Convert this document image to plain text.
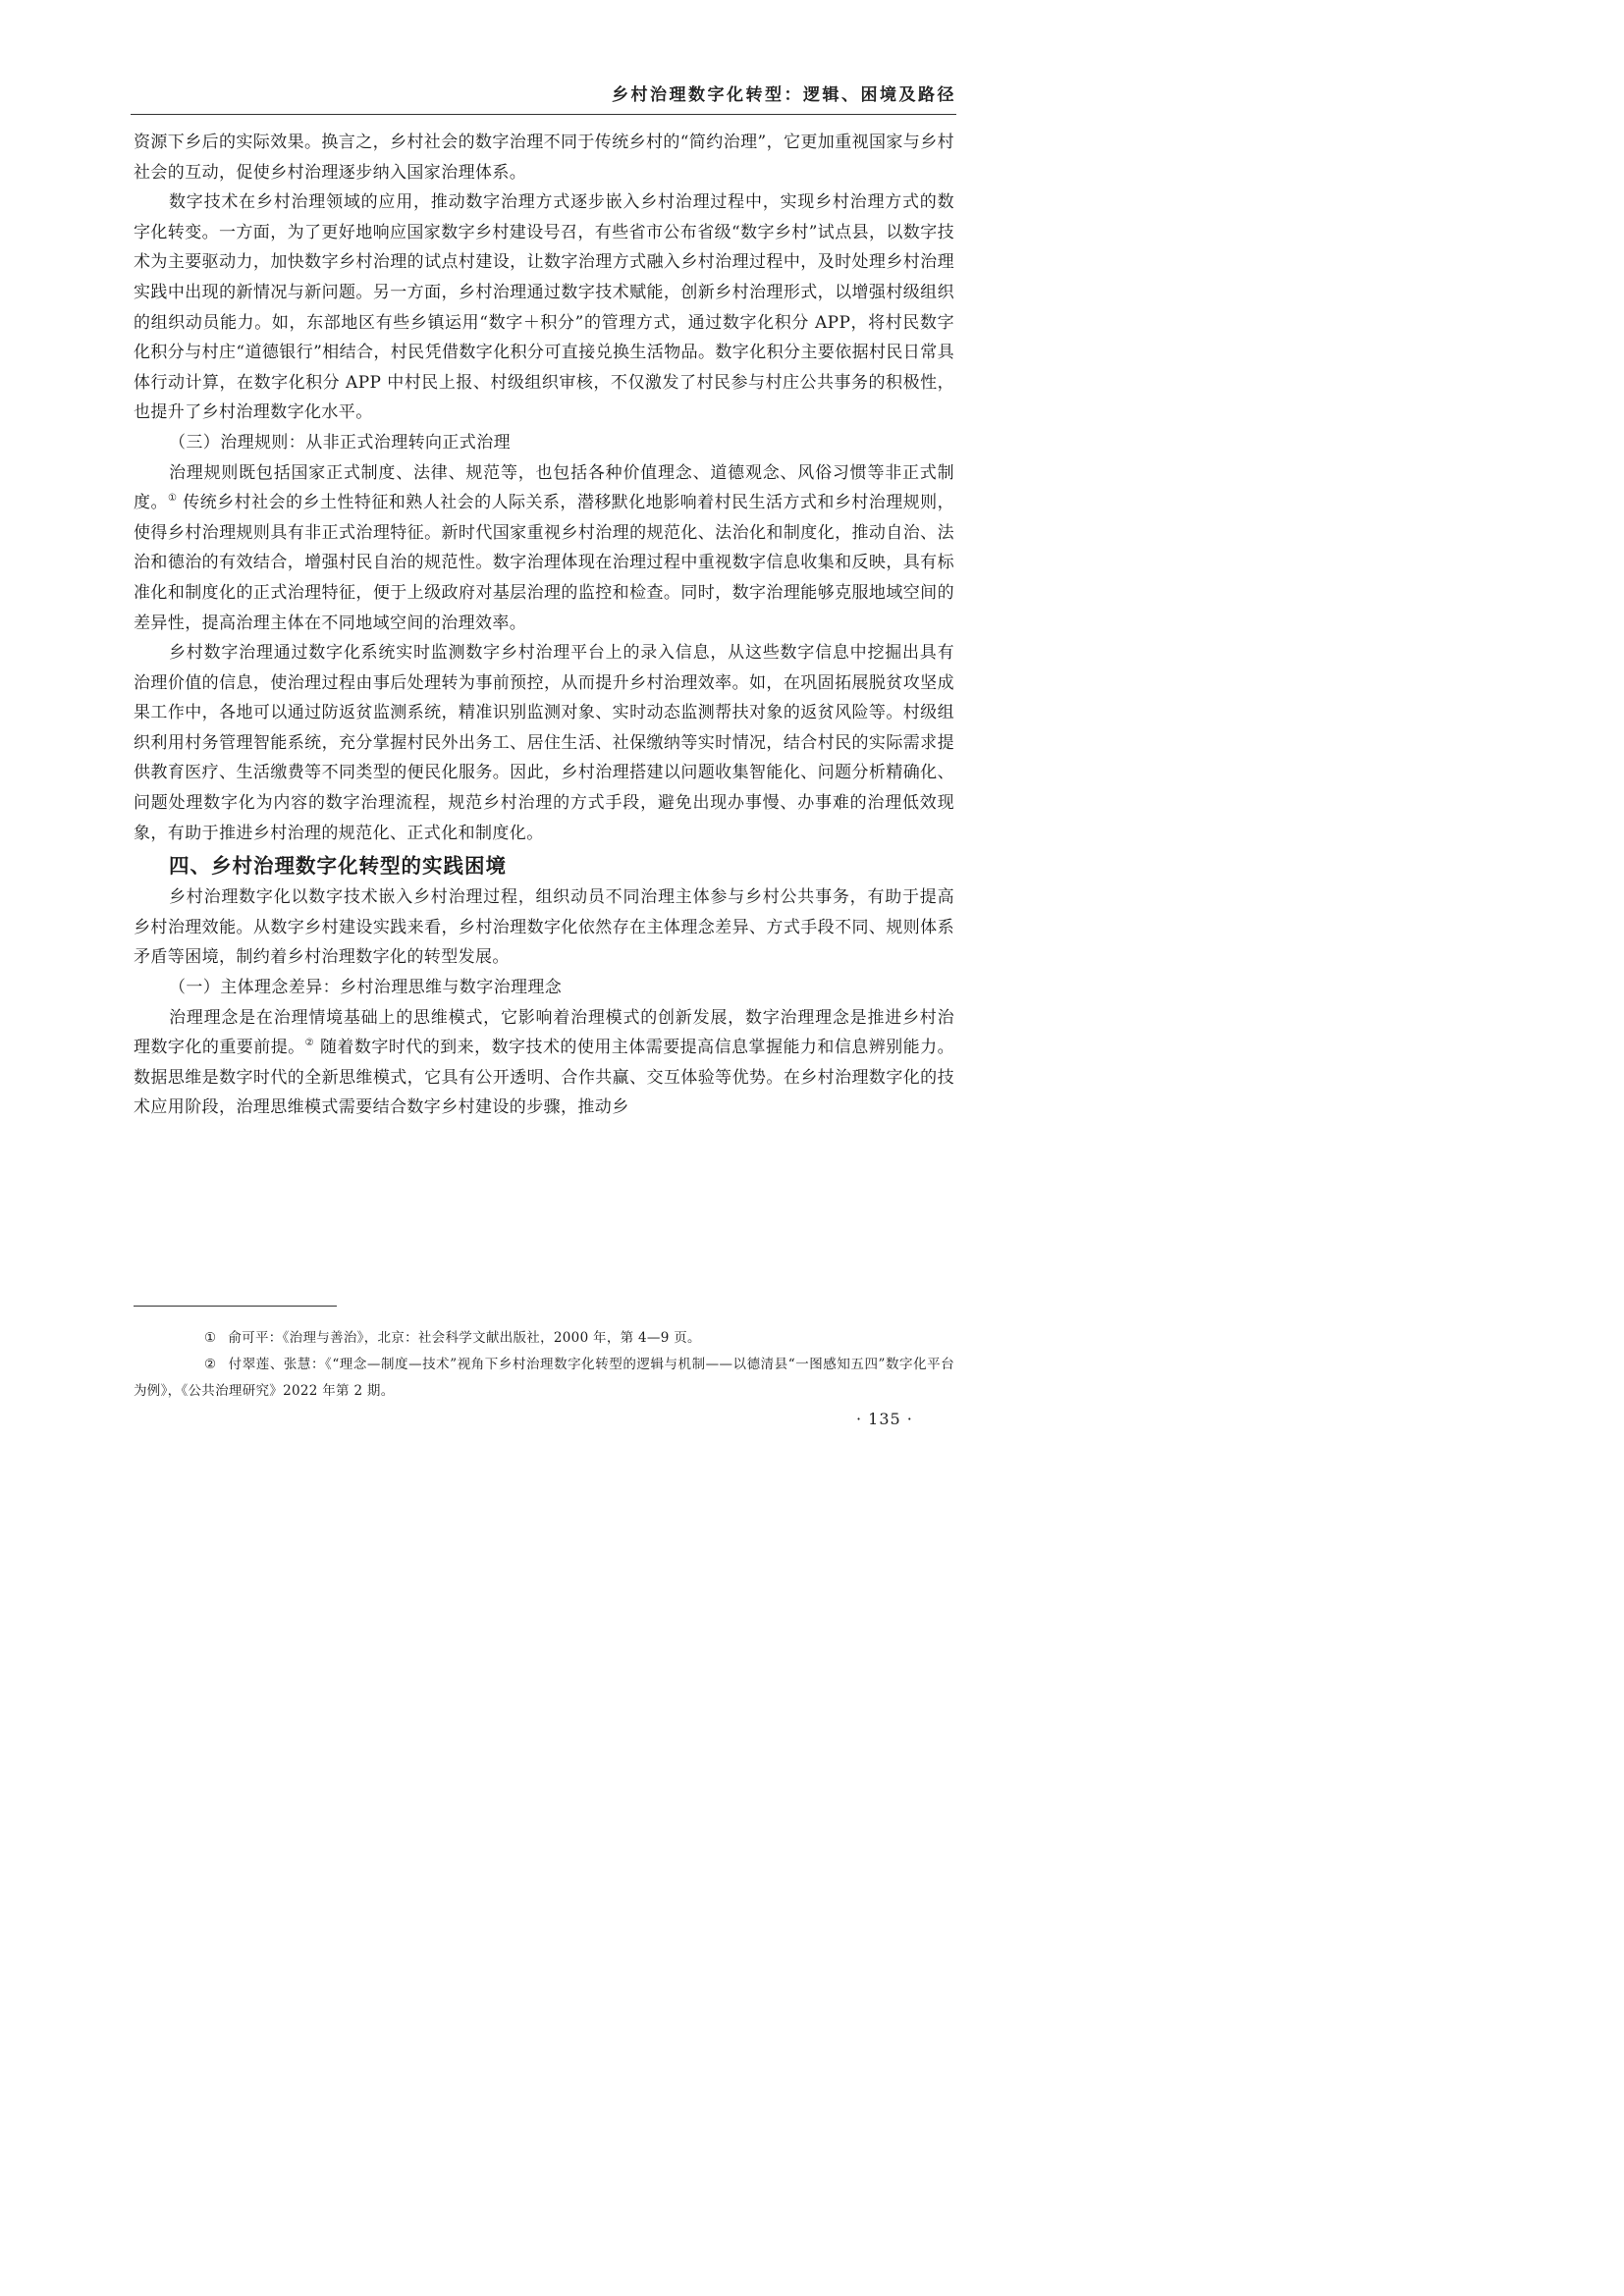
乡村治理数字化转型：逻辑、困境及路径

资源下乡后的实际效果。换言之，乡村社会的数字治理不同于传统乡村的“简约治理”，它更加重视国家与乡村社会的互动，促使乡村治理逐步纳入国家治理体系。

数字技术在乡村治理领域的应用，推动数字治理方式逐步嵌入乡村治理过程中，实现乡村治理方式的数字化转变。一方面，为了更好地响应国家数字乡村建设号召，有些省市公布省级“数字乡村”试点县，以数字技术为主要驱动力，加快数字乡村治理的试点村建设，让数字治理方式融入乡村治理过程中，及时处理乡村治理实践中出现的新情况与新问题。另一方面，乡村治理通过数字技术赋能，创新乡村治理形式，以增强村级组织的组织动员能力。如，东部地区有些乡镇运用“数字＋积分”的管理方式，通过数字化积分 APP，将村民数字化积分与村庄“道德银行”相结合，村民凭借数字化积分可直接兑换生活物品。数字化积分主要依据村民日常具体行动计算，在数字化积分 APP 中村民上报、村级组织审核，不仅激发了村民参与村庄公共事务的积极性，也提升了乡村治理数字化水平。

（三）治理规则：从非正式治理转向正式治理

治理规则既包括国家正式制度、法律、规范等，也包括各种价值理念、道德观念、风俗习惯等非正式制度。① 传统乡村社会的乡土性特征和熟人社会的人际关系，潜移默化地影响着村民生活方式和乡村治理规则，使得乡村治理规则具有非正式治理特征。新时代国家重视乡村治理的规范化、法治化和制度化，推动自治、法治和德治的有效结合，增强村民自治的规范性。数字治理体现在治理过程中重视数字信息收集和反映，具有标准化和制度化的正式治理特征，便于上级政府对基层治理的监控和检查。同时，数字治理能够克服地域空间的差异性，提高治理主体在不同地域空间的治理效率。

乡村数字治理通过数字化系统实时监测数字乡村治理平台上的录入信息，从这些数字信息中挖掘出具有治理价值的信息，使治理过程由事后处理转为事前预控，从而提升乡村治理效率。如，在巩固拓展脱贫攻坚成果工作中，各地可以通过防返贫监测系统，精准识别监测对象、实时动态监测帮扶对象的返贫风险等。村级组织利用村务管理智能系统，充分掌握村民外出务工、居住生活、社保缴纳等实时情况，结合村民的实际需求提供教育医疗、生活缴费等不同类型的便民化服务。因此，乡村治理搭建以问题收集智能化、问题分析精确化、问题处理数字化为内容的数字治理流程，规范乡村治理的方式手段，避免出现办事慢、办事难的治理低效现象，有助于推进乡村治理的规范化、正式化和制度化。

四、乡村治理数字化转型的实践困境

乡村治理数字化以数字技术嵌入乡村治理过程，组织动员不同治理主体参与乡村公共事务，有助于提高乡村治理效能。从数字乡村建设实践来看，乡村治理数字化依然存在主体理念差异、方式手段不同、规则体系矛盾等困境，制约着乡村治理数字化的转型发展。

（一）主体理念差异：乡村治理思维与数字治理理念

治理理念是在治理情境基础上的思维模式，它影响着治理模式的创新发展，数字治理理念是推进乡村治理数字化的重要前提。② 随着数字时代的到来，数字技术的使用主体需要提高信息掌握能力和信息辨别能力。数据思维是数字时代的全新思维模式，它具有公开透明、合作共赢、交互体验等优势。在乡村治理数字化的技术应用阶段，治理思维模式需要结合数字乡村建设的步骤，推动乡

① 俞可平：《治理与善治》，北京：社会科学文献出版社，2000 年，第 4—9 页。

② 付翠莲、张慧：《“理念—制度—技术”视角下乡村治理数字化转型的逻辑与机制——以德清县“一图感知五四”数字化平台为例》，《公共治理研究》2022 年第 2 期。

· 135 ·
